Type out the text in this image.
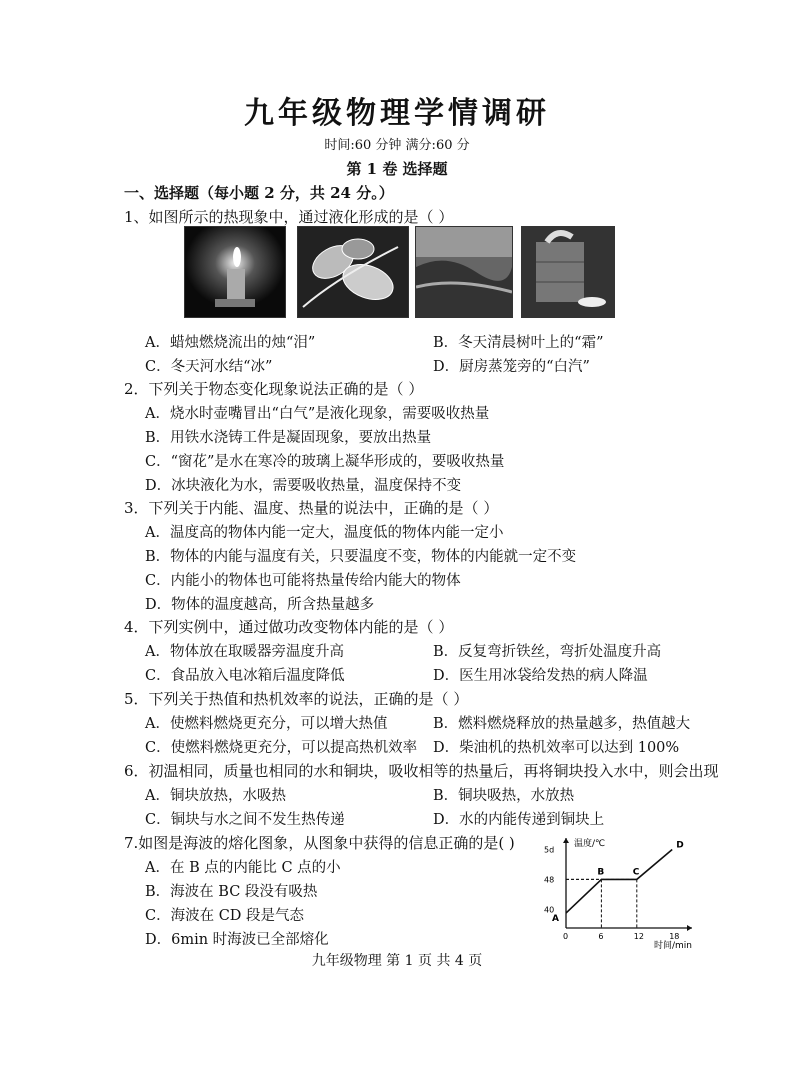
九年级物理学情调研
时间:60 分钟 满分:60 分
第 1 卷 选择题
一、选择题（每小题 2 分，共 24 分。）
1、如图所示的热现象中，通过液化形成的是（ ）
A．蜡烛燃烧流出的烛“泪”	B．冬天清晨树叶上的“霜”
C．冬天河水结“冰”	D．厨房蒸笼旁的“白汽”
2．下列关于物态变化现象说法正确的是（ ）
A．烧水时壶嘴冒出“白气”是液化现象，需要吸收热量
B．用铁水浇铸工件是凝固现象，要放出热量
C．“窗花”是水在寒冷的玻璃上凝华形成的，要吸收热量
D．冰块液化为水，需要吸收热量，温度保持不变
3．下列关于内能、温度、热量的说法中，正确的是（ ）
A．温度高的物体内能一定大，温度低的物体内能一定小
B．物体的内能与温度有关，只要温度不变，物体的内能就一定不变
C．内能小的物体也可能将热量传给内能大的物体
D．物体的温度越高，所含热量越多
4．下列实例中，通过做功改变物体内能的是（ ）
A．物体放在取暖器旁温度升高	B．反复弯折铁丝，弯折处温度升高
C．食品放入电冰箱后温度降低	D．医生用冰袋给发热的病人降温
5．下列关于热值和热机效率的说法，正确的是（ ）
A．使燃料燃烧更充分，可以增大热值	B．燃料燃烧释放的热量越多，热值越大
C．使燃料燃烧更充分，可以提高热机效率 D．柴油机的热机效率可以达到 100%
6．初温相同，质量也相同的水和铜块，吸收相等的热量后，再将铜块投入水中，则会出现
A．铜块放热，水吸热	B．铜块吸热，水放热
C．铜块与水之间不发生热传递	D．水的内能传递到铜块上
7.如图是海波的熔化图象，从图象中获得的信息正确的是( )
A．在 B 点的内能比 C 点的小
B．海波在 BC 段没有吸热
C．海波在 CD 段是气态
D．6min 时海波已全部熔化
温度/℃
时间/min
0	6	12	18
40
48
5d
A
B	C
D
九年级物理 第 1 页 共 4 页
